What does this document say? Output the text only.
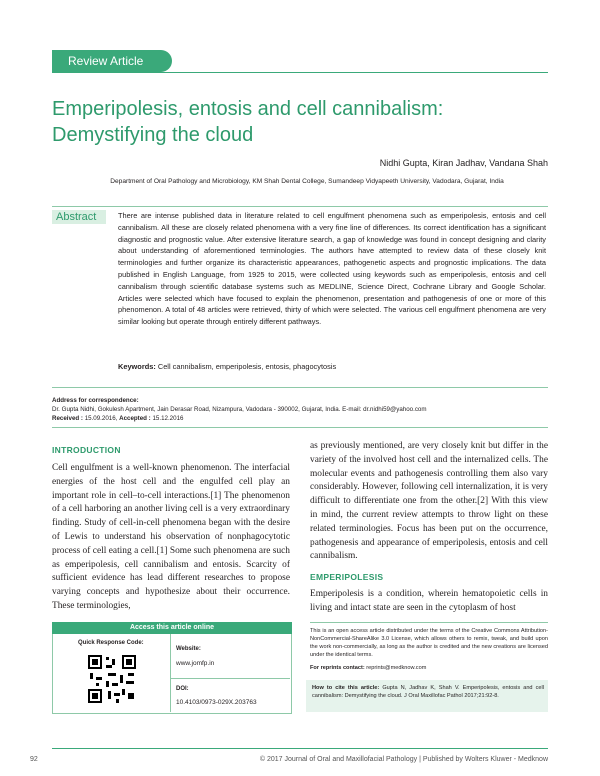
Review Article
Emperipolesis, entosis and cell cannibalism: Demystifying the cloud
Nidhi Gupta, Kiran Jadhav, Vandana Shah
Department of Oral Pathology and Microbiology, KM Shah Dental College, Sumandeep Vidyapeeth University, Vadodara, Gujarat, India
Abstract	There are intense published data in literature related to cell engulfment phenomena such as emperipolesis, entosis and cell cannibalism. All these are closely related phenomena with a very fine line of differences. Its correct identification has a significant diagnostic and prognostic value. After extensive literature search, a gap of knowledge was found in concept designing and clarity about understanding of aforementioned terminologies. The authors have attempted to review data of these closely knit terminologies and further organize its characteristic appearances, pathogenetic aspects and prognostic implications. The data published in English Language, from 1925 to 2015, were collected using keywords such as emperipolesis, entosis and cell cannibalism through scientific database systems such as MEDLINE, Science Direct, Cochrane Library and Google Scholar. Articles were selected which have focused to explain the phenomenon, presentation and pathogenesis of one or more of this phenomenon. A total of 48 articles were retrieved, thirty of which were selected. The various cell engulfment phenomena are very similar looking but operate through entirely different pathways.
Keywords: Cell cannibalism, emperipolesis, entosis, phagocytosis
Address for correspondence:
Dr. Gupta Nidhi, Gokulesh Apartment, Jain Derasar Road, Nizampura, Vadodara - 390002, Gujarat, India. E-mail: dr.nidhi59@yahoo.com
Received : 15.09.2016, Accepted : 15.12.2016
INTRODUCTION
Cell engulfment is a well-known phenomenon. The interfacial energies of the host cell and the engulfed cell play an important role in cell–to-cell interactions.[1] The phenomenon of a cell harboring an another living cell is a very extraordinary finding. Study of cell-in-cell phenomena began with the desire of Lewis to understand his observation of nonphagocytotic process of cell eating a cell.[1] Some such phenomena are such as emperipolesis, cell cannibalism and entosis. Scarcity of sufficient evidence has lead different researches to propose varying concepts and hypothesize about their occurrence. These terminologies,
Access this article online
Quick Response Code:
Website:
www.jomfp.in
DOI:
10.4103/0973-029X.203763
as previously mentioned, are very closely knit but differ in the variety of the involved host cell and the internalized cells. The molecular events and pathogenesis controlling them also vary considerably. However, following cell internalization, it is very difficult to differentiate one from the other.[2] With this view in mind, the current review attempts to throw light on these related terminologies. Focus has been put on the occurrence, pathogenesis and appearance of emperipolesis, entosis and cell cannibalism.
EMPERIPOLESIS
Emperipolesis is a condition, wherein hematopoietic cells in living and intact state are seen in the cytoplasm of host
This is an open access article distributed under the terms of the Creative Commons Attribution-NonCommercial-ShareAlike 3.0 License, which allows others to remix, tweak, and build upon the work non-commercially, as long as the author is credited and the new creations are licensed under the identical terms.
For reprints contact: reprints@medknow.com
How to cite this article: Gupta N, Jadhav K, Shah V. Emperipolesis, entosis and cell cannibalism: Demystifying the cloud. J Oral Maxillofac Pathol 2017;21:92-8.
92	© 2017 Journal of Oral and Maxillofacial Pathology | Published by Wolters Kluwer - Medknow
